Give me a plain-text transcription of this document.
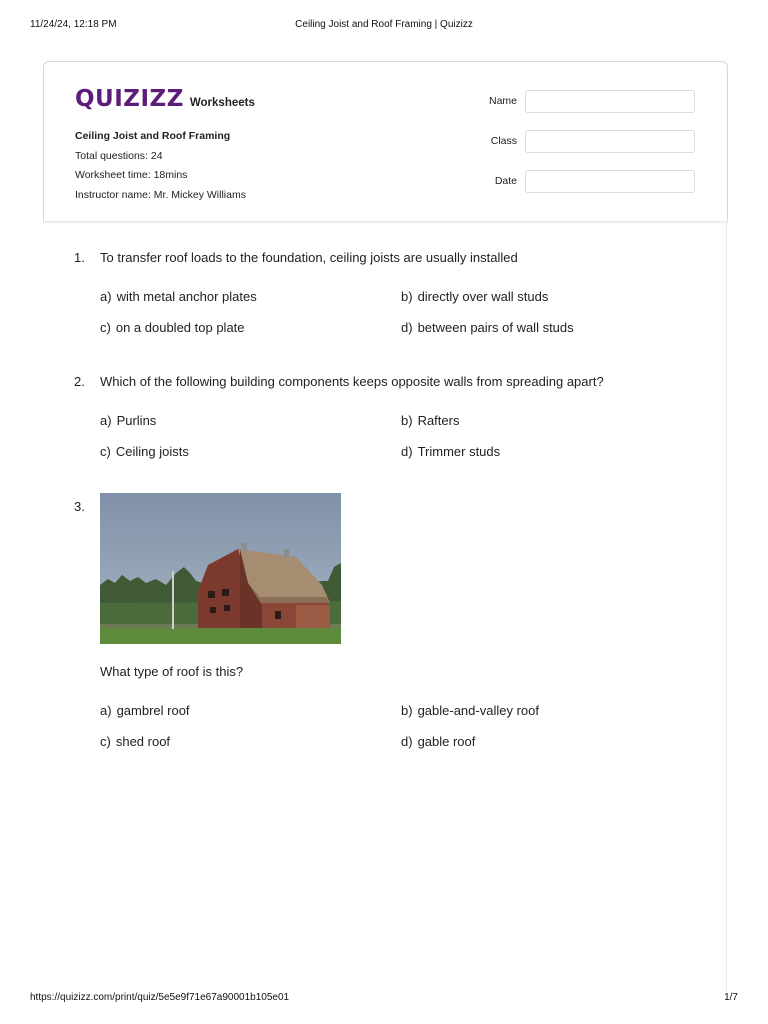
11/24/24, 12:18 PM	Ceiling Joist and Roof Framing | Quizizz
QUIZIZZ Worksheets
Ceiling Joist and Roof Framing
Total questions: 24
Worksheet time: 18mins
Instructor name: Mr. Mickey Williams
Name
Class
Date
1. To transfer roof loads to the foundation, ceiling joists are usually installed
a) with metal anchor plates	b) directly over wall studs
c) on a doubled top plate	d) between pairs of wall studs
2. Which of the following building components keeps opposite walls from spreading apart?
a) Purlins	b) Rafters
c) Ceiling joists	d) Trimmer studs
3.
What type of roof is this?
a) gambrel roof	b) gable-and-valley roof
c) shed roof	d) gable roof
https://quizizz.com/print/quiz/5e5e9f71e67a90001b105e01	1/7
